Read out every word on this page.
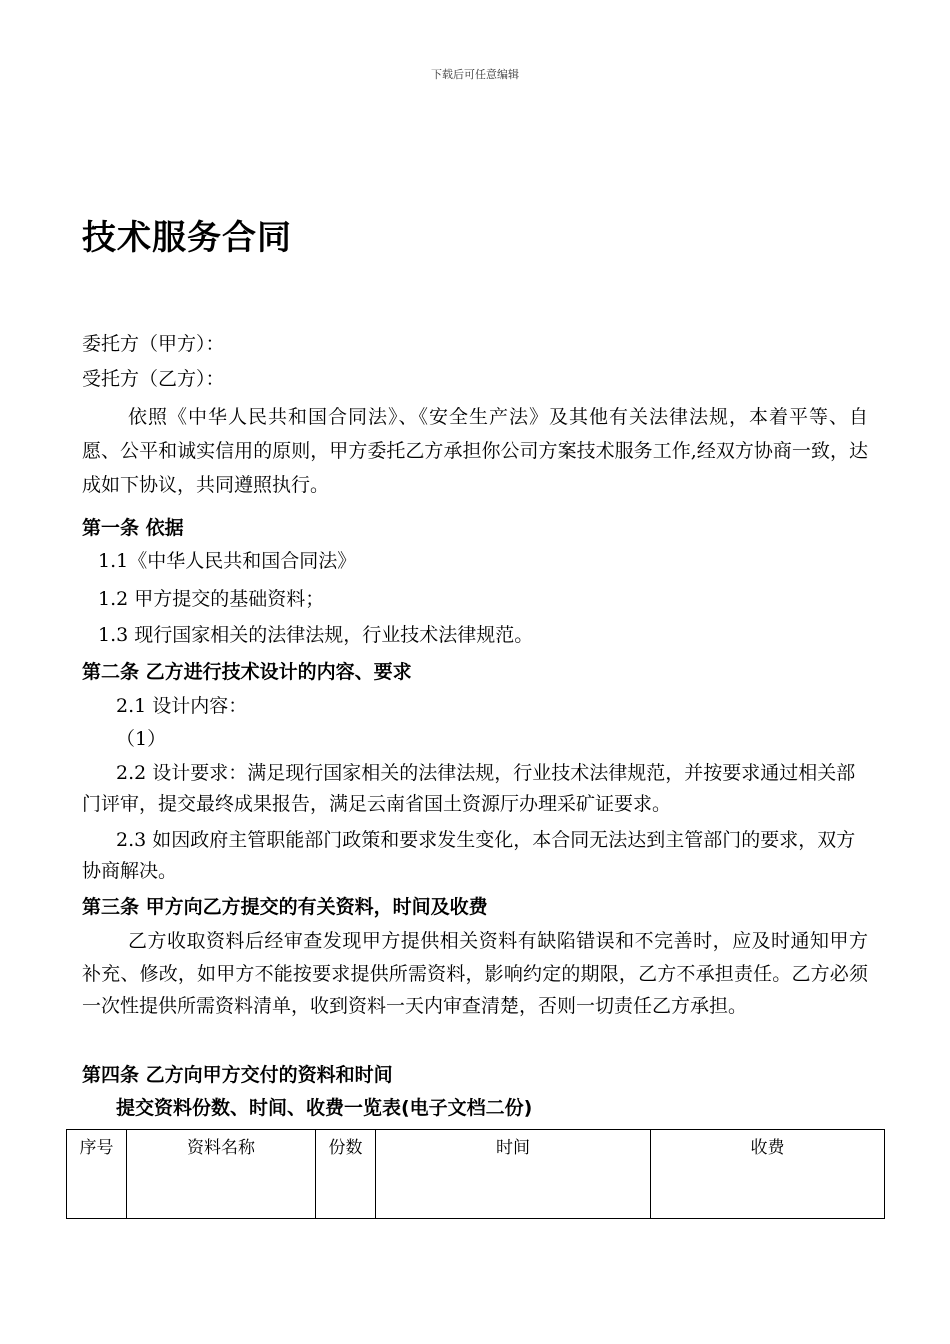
下载后可任意编辑
技术服务合同
委托方（甲方）：
受托方（乙方）：
依照《中华人民共和国合同法》、《安全生产法》及其他有关法律法规，本着平等、自愿、公平和诚实信用的原则，甲方委托乙方承担你公司方案技术服务工作,经双方协商一致，达成如下协议，共同遵照执行。
第一条 依据
1.1《中华人民共和国合同法》
1.2 甲方提交的基础资料；
1.3 现行国家相关的法律法规，行业技术法律规范。
第二条 乙方进行技术设计的内容、要求
2.1 设计内容：
（1）
2.2 设计要求：满足现行国家相关的法律法规，行业技术法律规范，并按要求通过相关部门评审，提交最终成果报告，满足云南省国土资源厅办理采矿证要求。
2.3 如因政府主管职能部门政策和要求发生变化，本合同无法达到主管部门的要求，双方协商解决。
第三条 甲方向乙方提交的有关资料，时间及收费
乙方收取资料后经审查发现甲方提供相关资料有缺陷错误和不完善时，应及时通知甲方补充、修改，如甲方不能按要求提供所需资料，影响约定的期限，乙方不承担责任。乙方必须一次性提供所需资料清单，收到资料一天内审查清楚，否则一切责任乙方承担。
第四条 乙方向甲方交付的资料和时间
提交资料份数、时间、收费一览表(电子文档二份)
序号	资料名称	份数	时间	收费
